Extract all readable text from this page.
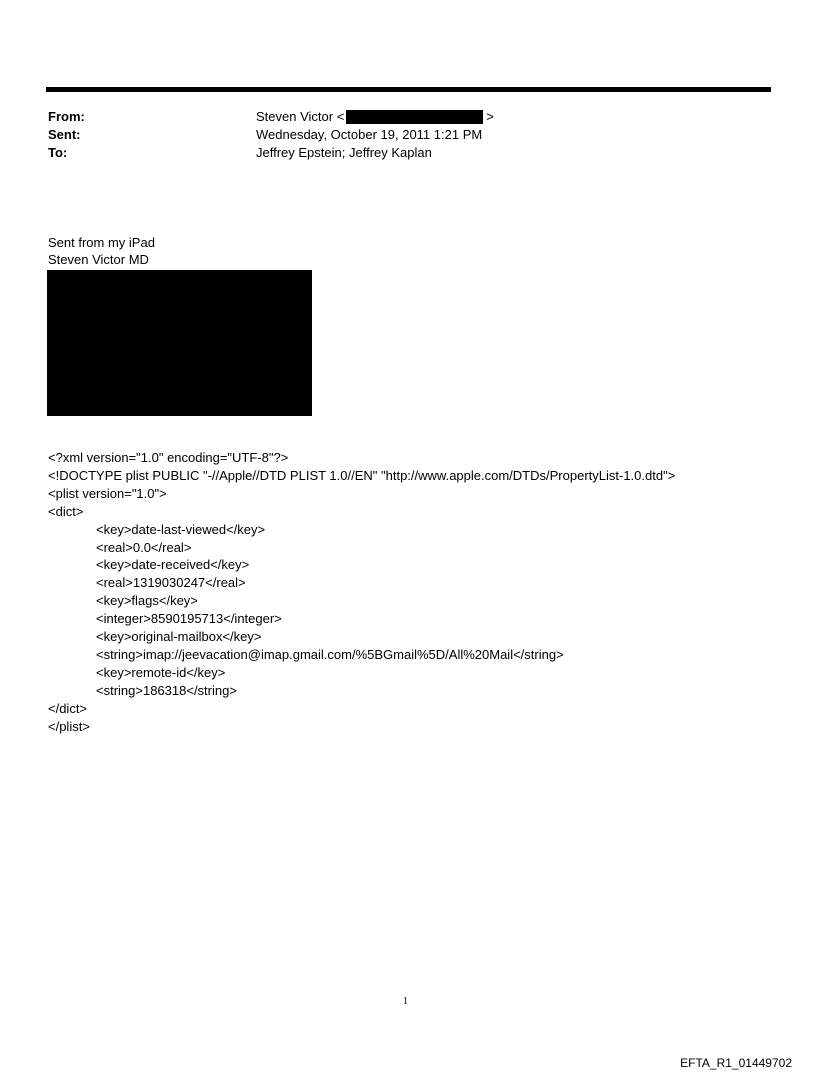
From:	Steven Victor <	>
Sent:	Wednesday, October 19, 2011 1:21 PM
To:	Jeffrey Epstein; Jeffrey Kaplan
Sent from my iPad
Steven Victor MD
<?xml version="1.0" encoding="UTF-8"?>
<!DOCTYPE plist PUBLIC "-//Apple//DTD PLIST 1.0//EN" "http://www.apple.com/DTDs/PropertyList-1.0.dtd">
<plist version="1.0">
<dict>
<key>date-last-viewed</key>
<real>0.0</real>
<key>date-received</key>
<real>1319030247</real>
<key>flags</key>
<integer>8590195713</integer>
<key>original-mailbox</key>
<string>imap://jeevacation@imap.gmail.com/%5BGmail%5D/All%20Mail</string>
<key>remote-id</key>
<string>186318</string>
</dict>
</plist>
1
EFTA_R1_01449702
